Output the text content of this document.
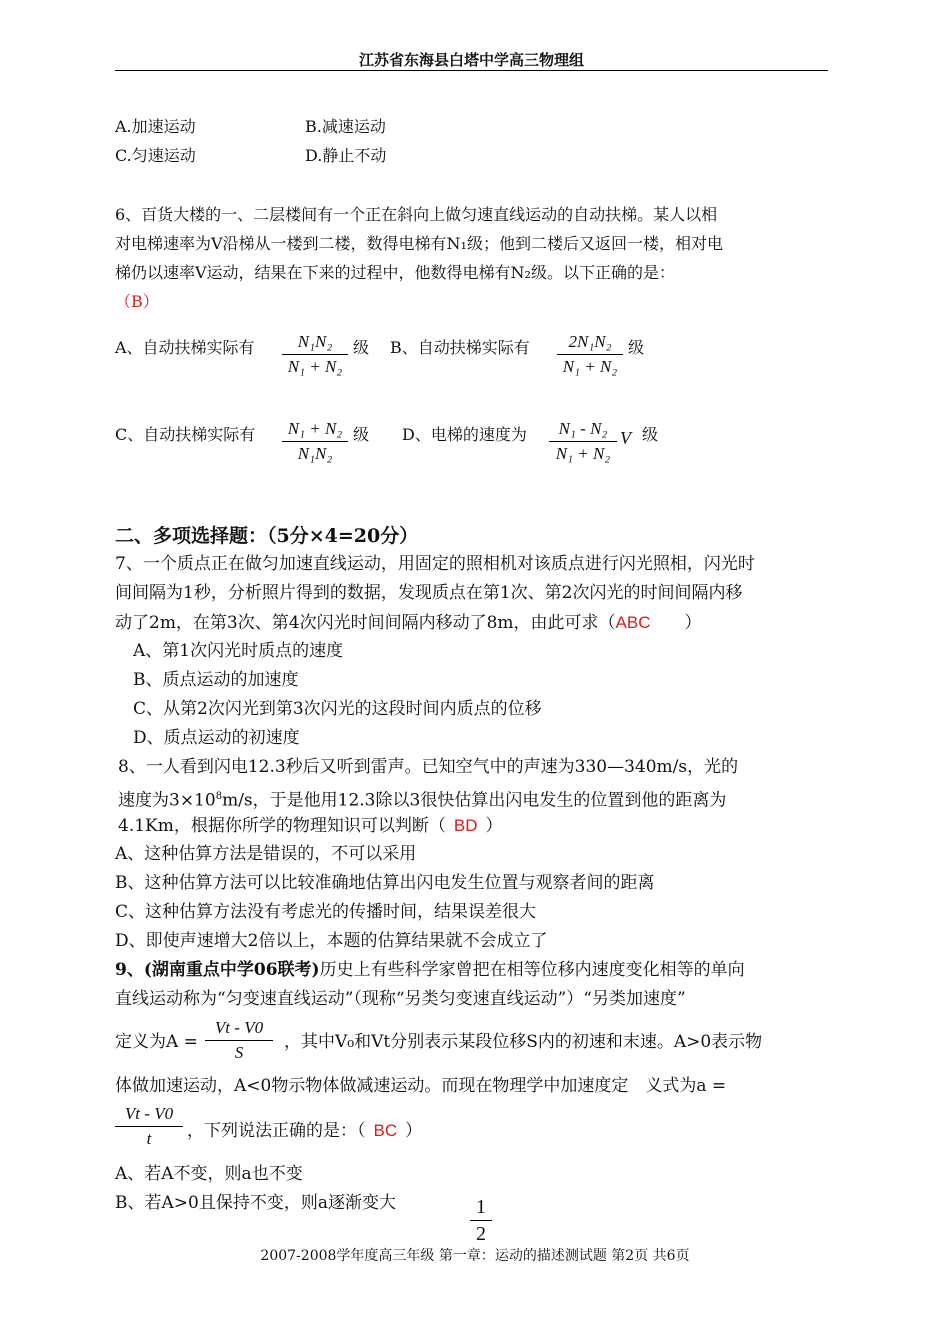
江苏省东海县白塔中学高三物理组
A.加速运动	B.减速运动
C.匀速运动	D.静止不动
6、百货大楼的一、二层楼间有一个正在斜向上做匀速直线运动的自动扶梯。某人以相
对电梯速率为Ⅴ沿梯从一楼到二楼，数得电梯有N₁级；他到二楼后又返回一楼，相对电
梯仍以速率Ⅴ运动，结果在下来的过程中，他数得电梯有N₂级。以下正确的是：
（B）
A、自动扶梯实际有	N₁N₂
N₁ + N₂
级 B、自动扶梯实际有	2N₁N₂
N₁ + N₂
级
C、自动扶梯实际有	N₁ + N₂
N₁N₂
级 D、电梯的速度为	N₁ - N₂
N₁ + N₂
V 级
二、多项选择题：（5分×4=20分）
7、一个质点正在做匀加速直线运动，用固定的照相机对该质点进行闪光照相，闪光时
间间隔为1秒，分析照片得到的数据，发现质点在第1次、第2次闪光的时间间隔内移
动了2m，在第3次、第4次闪光时间间隔内移动了8m，由此可求（ABC　　）
A、第1次闪光时质点的速度
B、质点运动的加速度
C、从第2次闪光到第3次闪光的这段时间内质点的位移
D、质点运动的初速度
8、一人看到闪电12.3秒后又听到雷声。已知空气中的声速为330—340m/s，光的
速度为$3\times 10^8m/s$，于是他用12.3除以3很快估算出闪电发生的位置到他的距离为
4.1Km，根据你所学的物理知识可以判断（ BD ）
A、这种估算方法是错误的，不可以采用
B、这种估算方法可以比较准确地估算出闪电发生位置与观察者间的距离
C、这种估算方法没有考虑光的传播时间，结果误差很大
D、即使声速增大2倍以上，本题的估算结果就不会成立了
9、(湖南重点中学06联考)历史上有些科学家曾把在相等位移内速度变化相等的单向
直线运动称为“匀变速直线运动”（现称“另类匀变速直线运动”）“另类加速度”
定义为A =
Vt - V0
S
，其中V₀和Vt分别表示某段位移S内的初速和末速。A>0表示物
体做加速运动，A<0物示物体做减速运动。而现在物理学中加速度定　义式为a =
Vt - V0
t	，下列说法正确的是：（ BC ）
A、若A不变，则a也不变
B、若A>0且保持不变，则a逐渐变大	1
2
2007-2008学年度高三年级 第一章：运动的描述测试题 第2页 共6页
